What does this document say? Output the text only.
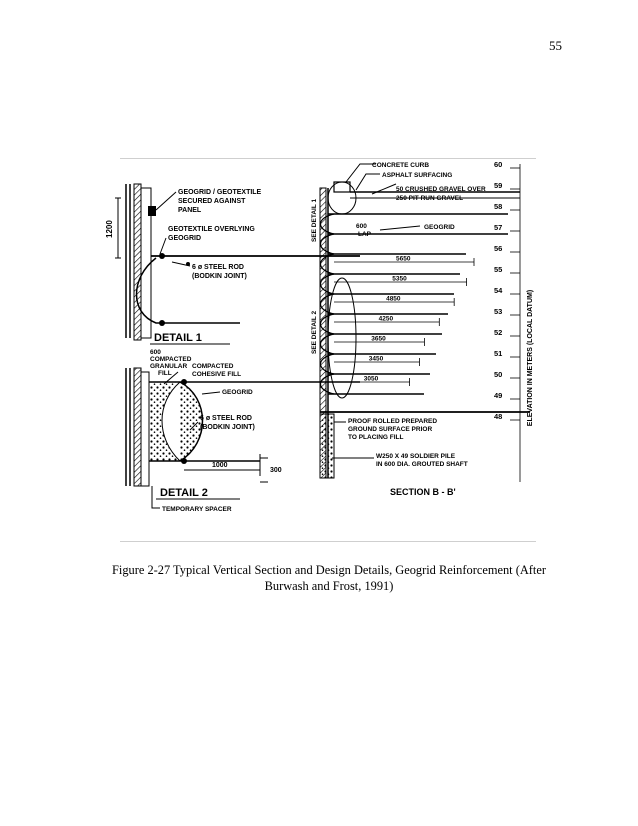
55
1200
GEOGRID / GEOTEXTILE
SECURED AGAINST
PANEL
GEOTEXTILE OVERLYING
GEOGRID
6 ø STEEL ROD
(BODKIN JOINT)
DETAIL 1
600
COMPACTED
GRANULAR
FILL
COMPACTED
COHESIVE FILL
GEOGRID
6 ø STEEL ROD
(BODKIN JOINT)
1000
300
DETAIL 2
TEMPORARY SPACER
5650
5350
4850
4250
3650
3450
3050
60
59
58
57
56
55
54
53
52
51
50
49
48
CONCRETE CURB
ASPHALT SURFACING
50 CRUSHED GRAVEL OVER
250 PIT RUN GRAVEL
600
LAP
GEOGRID
SEE DETAIL 1
SEE DETAIL 2
PROOF ROLLED PREPARED
GROUND SURFACE PRIOR
TO PLACING FILL
W250 X 49 SOLDIER PILE
IN 600 DIA. GROUTED SHAFT
SECTION B - B'
ELEVATION IN METERS (LOCAL DATUM)
Figure 2-27 Typical Vertical Section and Design Details, Geogrid Reinforcement (After
Burwash and Frost, 1991)
